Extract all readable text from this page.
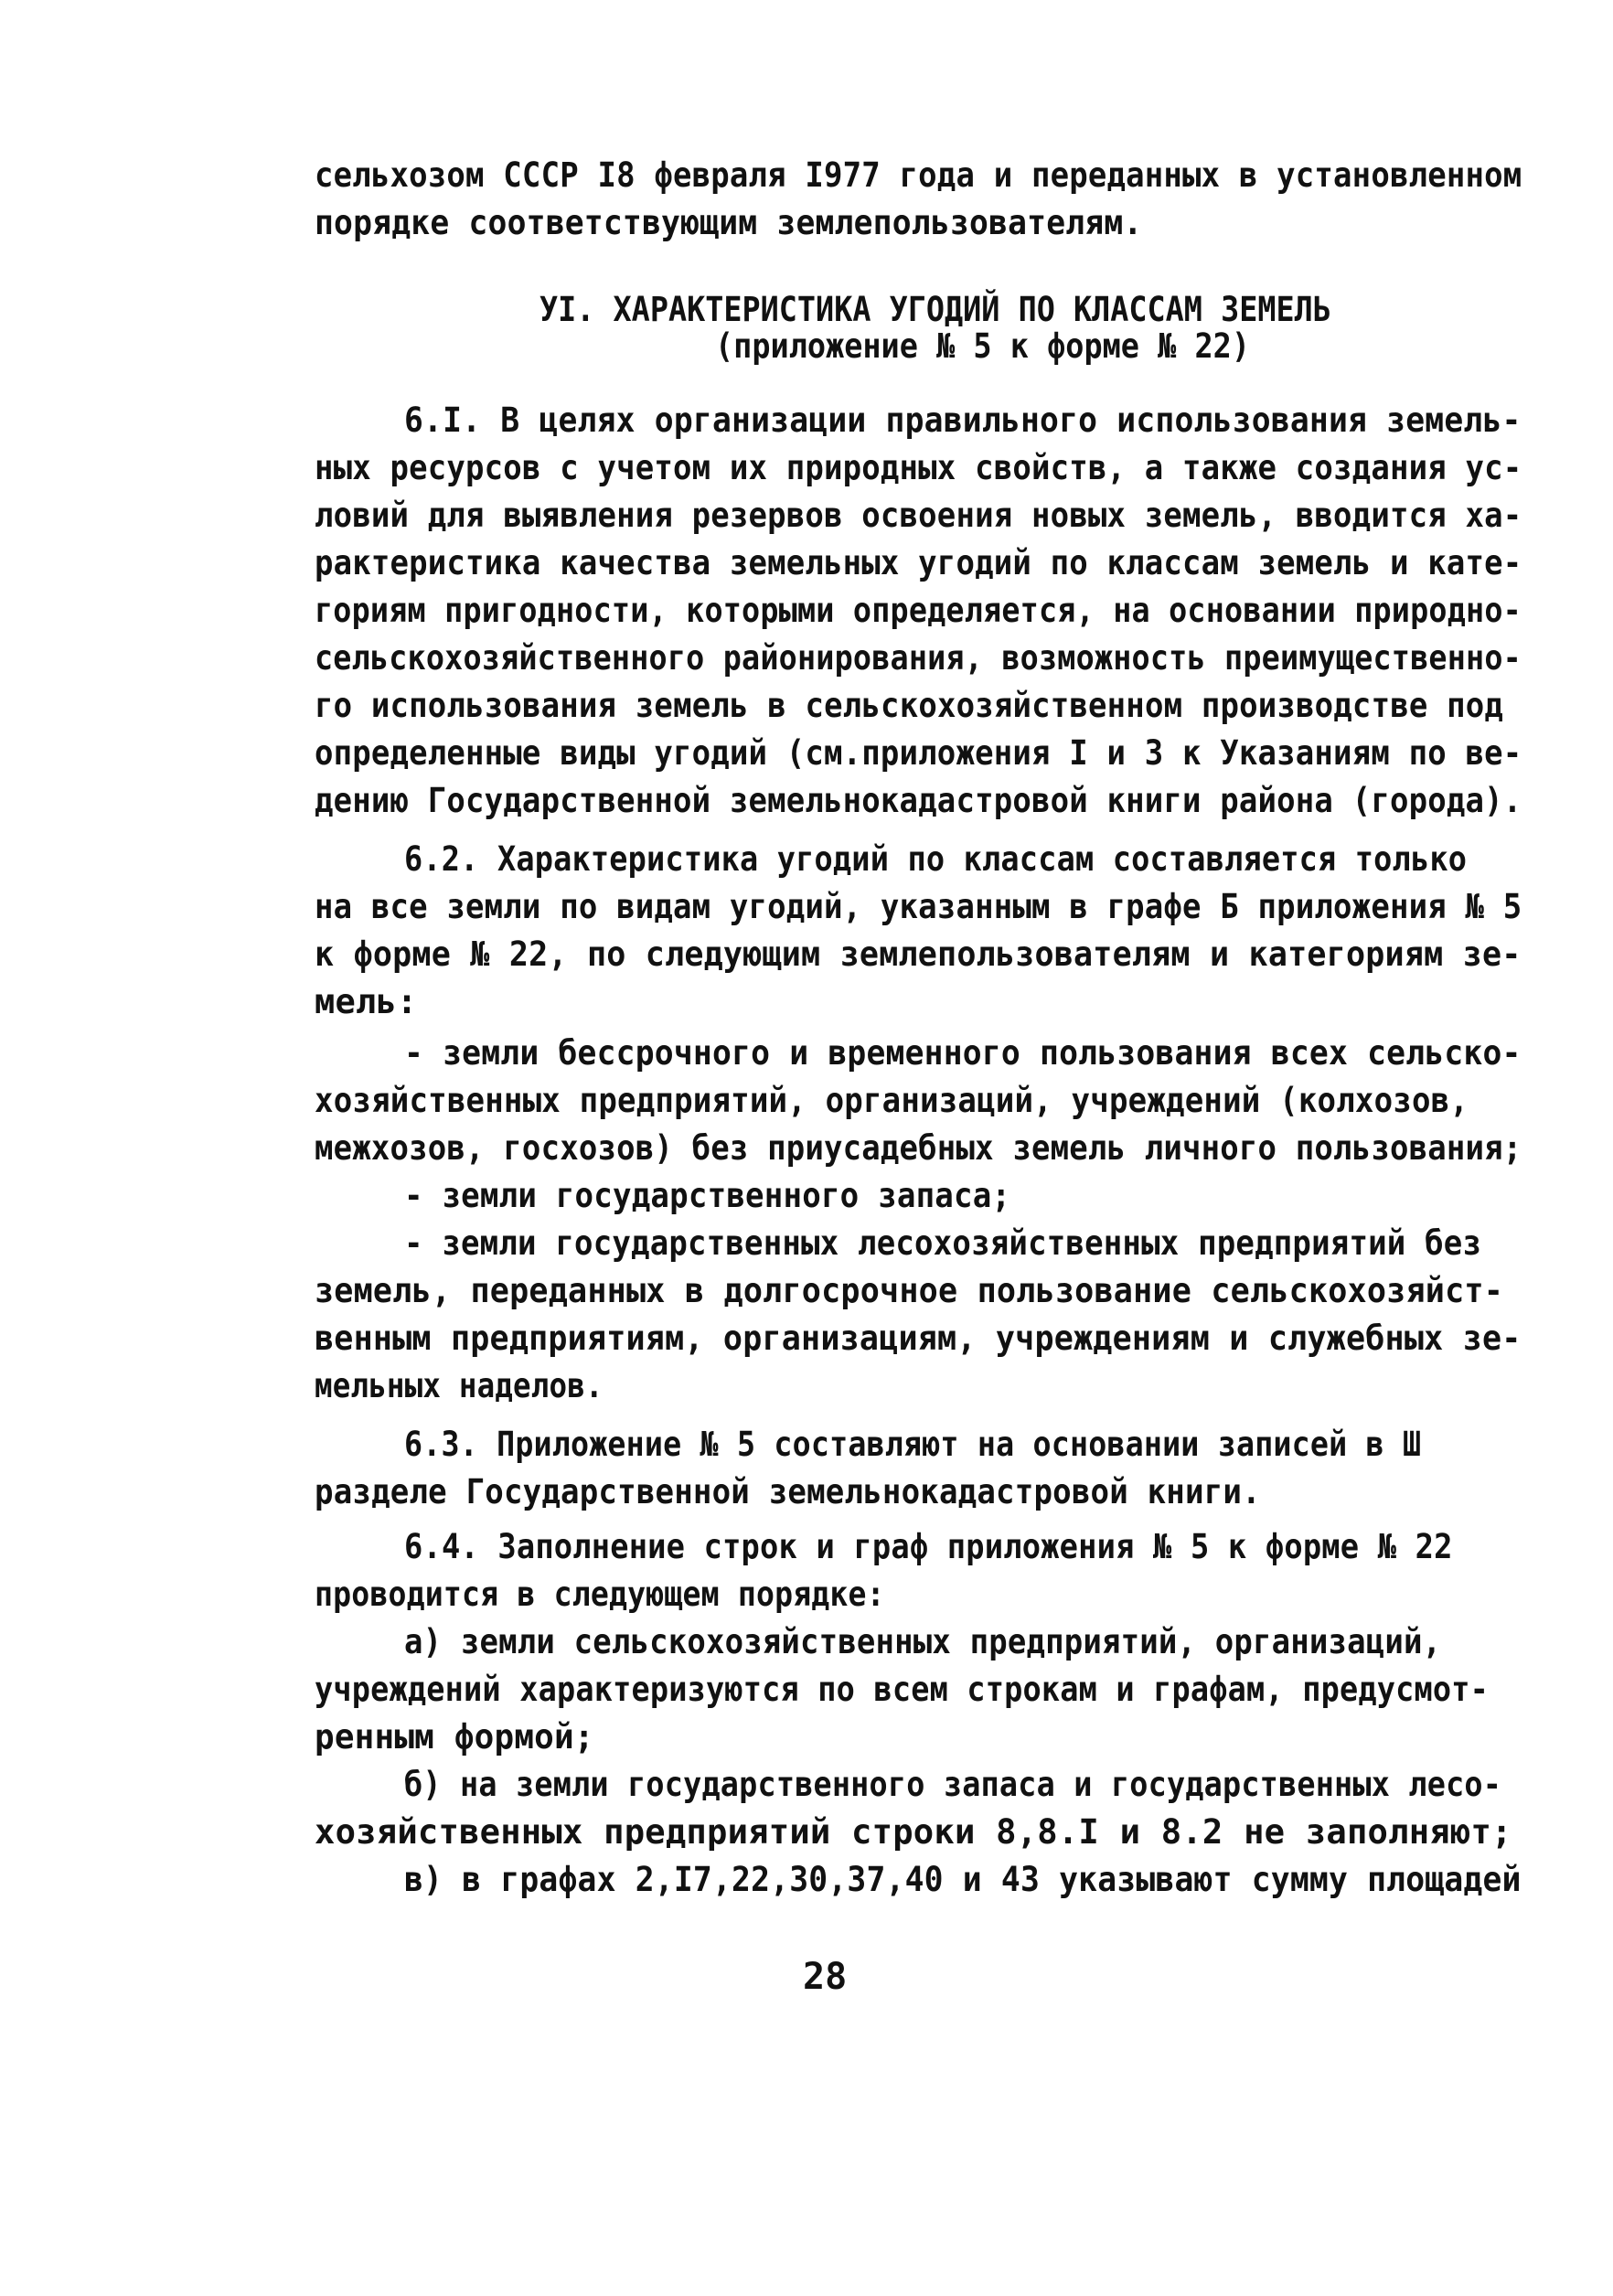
сельхозом СССР I8 февраля I977 года и переданных в установленном
порядке соответствующим землепользователям.
УI. ХАРАКТЕРИСТИКА УГОДИЙ ПО КЛАССАМ ЗЕМЕЛЬ
(приложение № 5 к форме № 22)
6.I. В целях организации правильного использования земель-
ных ресурсов с учетом их природных свойств, а также создания ус-
ловий для выявления резервов освоения новых земель, вводится ха-
рактеристика качества земельных угодий по классам земель и кате-
гориям пригодности, которыми определяется, на основании природно-
сельскохозяйственного районирования, возможность преимущественно-
го использования земель в сельскохозяйственном производстве под
определенные виды угодий (см.приложения I и 3 к Указаниям по ве-
дению Государственной земельнокадастровой книги района (города).
6.2. Характеристика угодий по классам составляется только
на все земли по видам угодий, указанным в графе Б приложения № 5
к форме № 22, по следующим землепользователям и категориям зе-
мель:
- земли бессрочного и временного пользования всех сельско-
хозяйственных предприятий, организаций, учреждений (колхозов,
межхозов, госхозов) без приусадебных земель личного пользования;
- земли государственного запаса;
- земли государственных лесохозяйственных предприятий без
земель, переданных в долгосрочное пользование сельскохозяйст-
венным предприятиям, организациям, учреждениям и служебных зе-
мельных наделов.
6.3. Приложение № 5 составляют на основании записей в Ш
разделе Государственной земельнокадастровой книги.
6.4. Заполнение строк и граф приложения № 5 к форме № 22
проводится в следующем порядке:
а) земли сельскохозяйственных предприятий, организаций,
учреждений характеризуются по всем строкам и графам, предусмот-
ренным формой;
б) на земли государственного запаса и государственных лесо-
хозяйственных предприятий строки 8,8.I и 8.2 не заполняют;
в) в графах 2,I7,22,30,37,40 и 43 указывают сумму площадей
28
